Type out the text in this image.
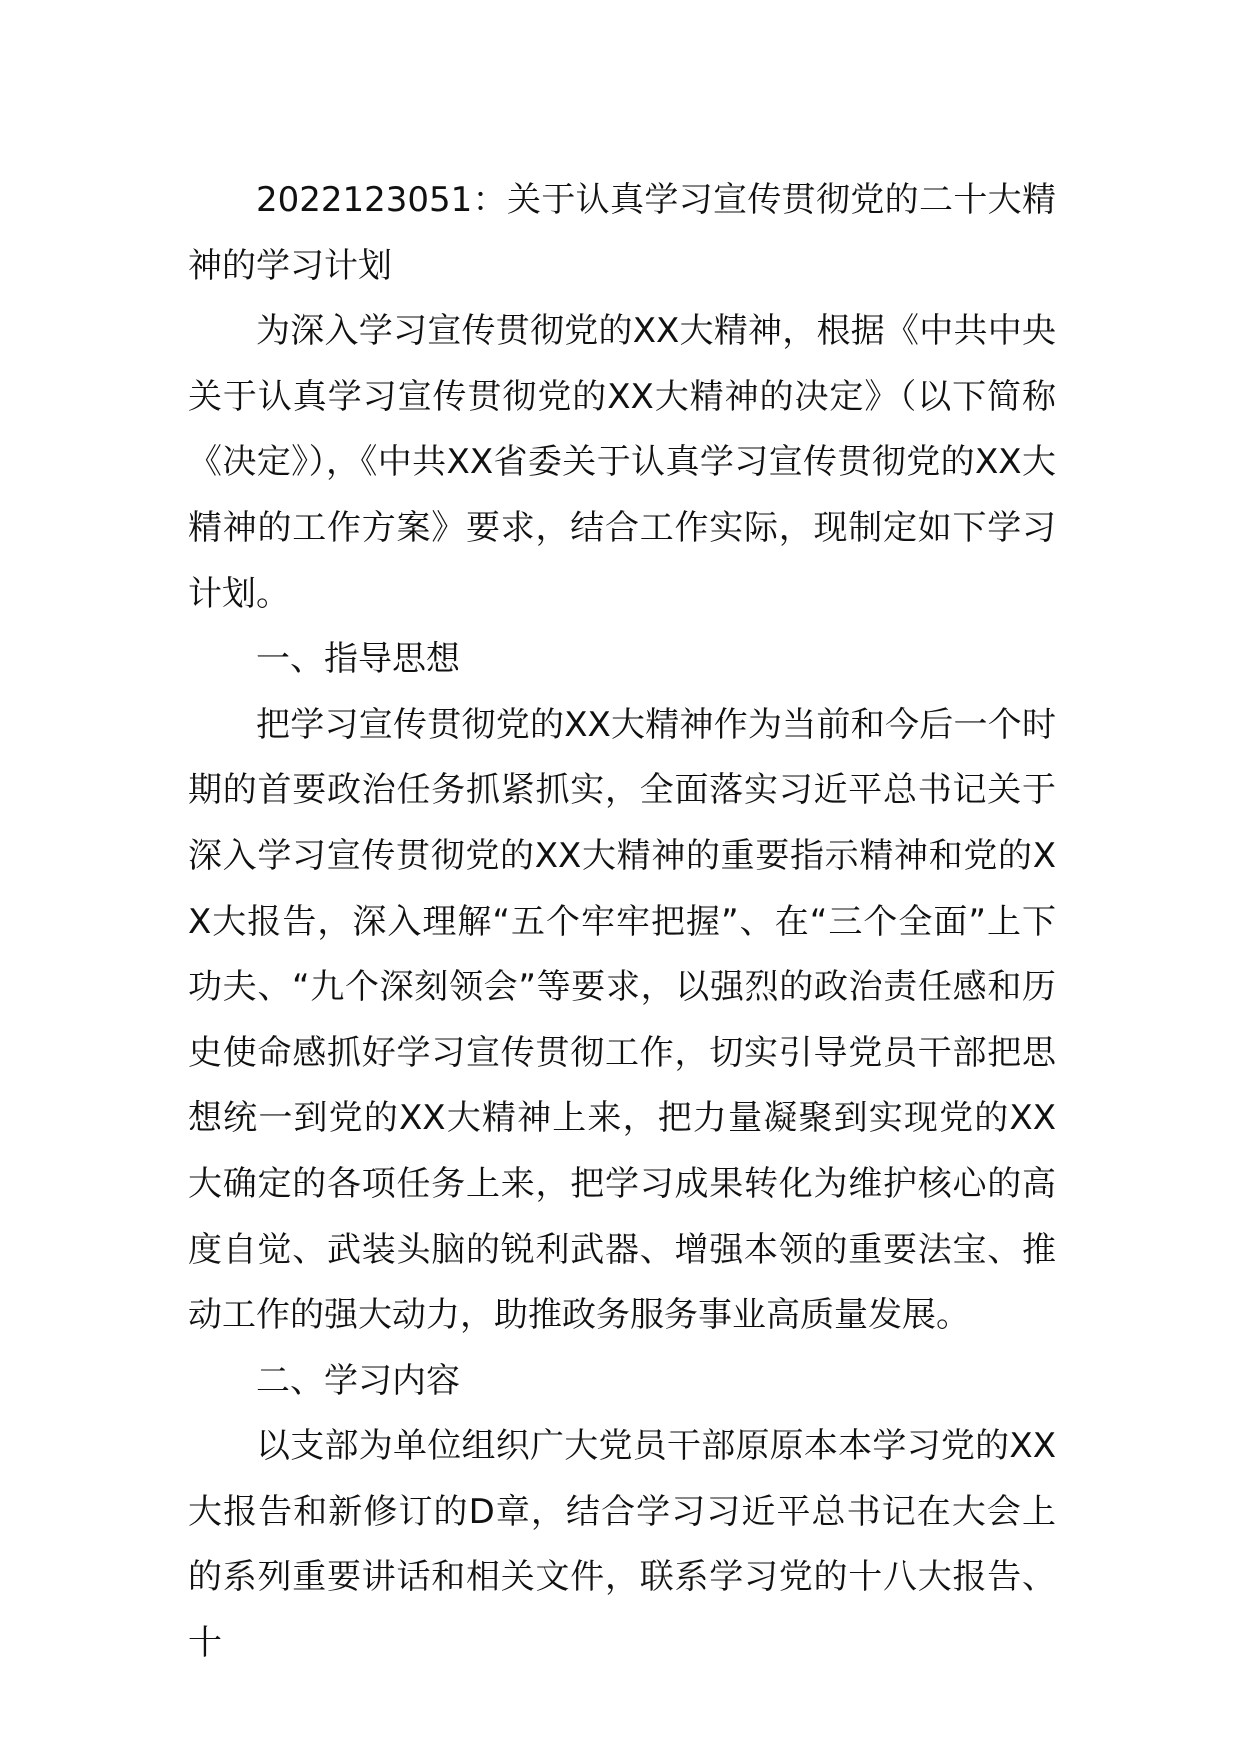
2022123051：关于认真学习宣传贯彻党的二十大精神的学习计划

为深入学习宣传贯彻党的XX大精神，根据《中共中央关于认真学习宣传贯彻党的XX大精神的决定》（以下简称《决定》），《中共XX省委关于认真学习宣传贯彻党的XX大精神的工作方案》要求，结合工作实际，现制定如下学习计划。

一、指导思想

把学习宣传贯彻党的XX大精神作为当前和今后一个时期的首要政治任务抓紧抓实，全面落实习近平总书记关于深入学习宣传贯彻党的XX大精神的重要指示精神和党的XX大报告，深入理解“五个牢牢把握”、在“三个全面”上下功夫、“九个深刻领会”等要求，以强烈的政治责任感和历史使命感抓好学习宣传贯彻工作，切实引导党员干部把思想统一到党的XX大精神上来，把力量凝聚到实现党的XX大确定的各项任务上来，把学习成果转化为维护核心的高度自觉、武装头脑的锐利武器、增强本领的重要法宝、推动工作的强大动力，助推政务服务事业高质量发展。

二、学习内容

以支部为单位组织广大党员干部原原本本学习党的XX大报告和新修订的D章，结合学习习近平总书记在大会上的系列重要讲话和相关文件，联系学习党的十八大报告、十
